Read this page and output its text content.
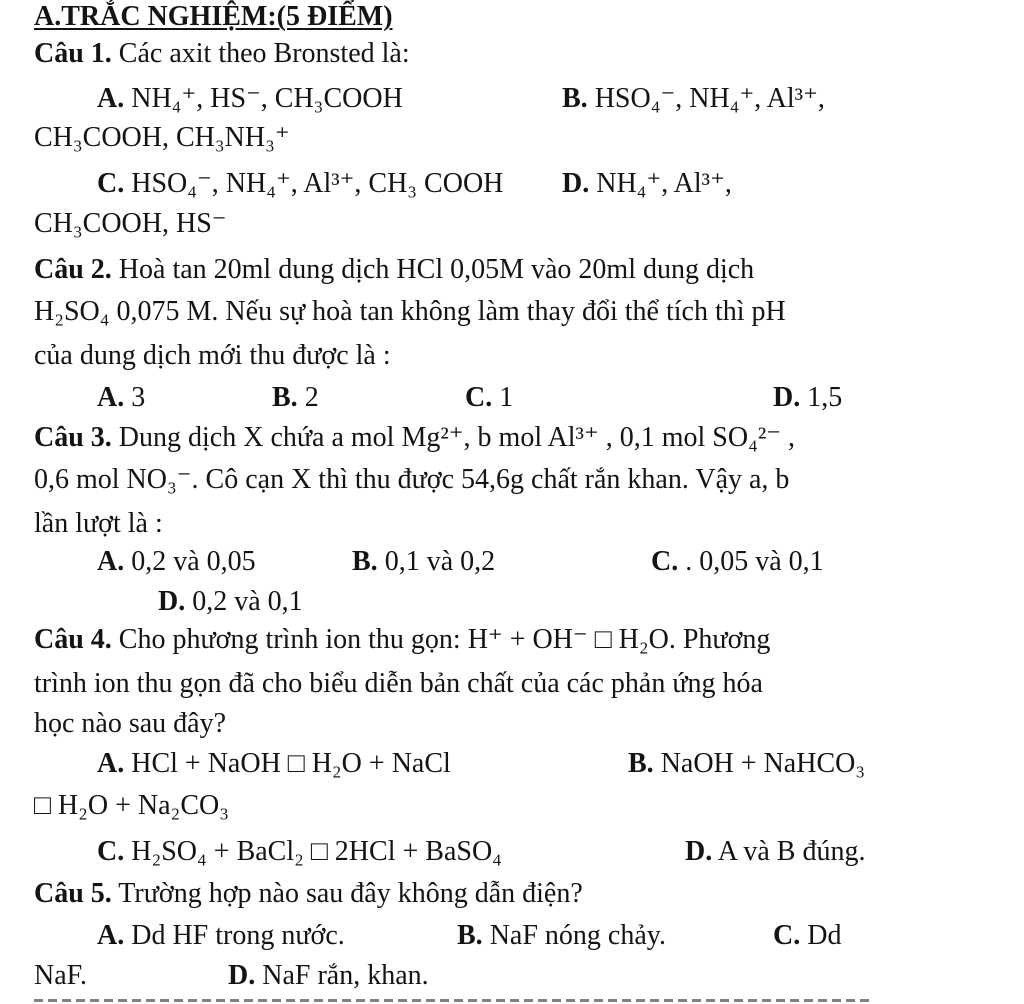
A.TRẮC NGHIỆM:(5 ĐIỂM)
Câu 1. Các axit theo Bronsted là:
A. NH₄⁺, HS⁻, CH₃COOH	B. HSO₄⁻, NH₄⁺, Al³⁺,
CH₃COOH, CH₃NH₃⁺
C. HSO₄⁻, NH₄⁺, Al³⁺, CH₃ COOH D. NH₄⁺, Al³⁺,
CH₃COOH, HS⁻
Câu 2. Hoà tan 20ml dung dịch HCl 0,05M vào 20ml dung dịch
H₂SO₄ 0,075 M. Nếu sự hoà tan không làm thay đổi thể tích thì pH
của dung dịch mới thu được là :
A. 3	B. 2	C. 1	D. 1,5
Câu 3. Dung dịch X chứa a mol Mg²⁺, b mol Al³⁺ , 0,1 mol SO₄²⁻ ,
0,6 mol NO₃⁻. Cô cạn X thì thu được 54,6g chất rắn khan. Vậy a, b
lần lượt là :
A. 0,2 và 0,05	B. 0,1 và 0,2	C. . 0,05 và 0,1
D. 0,2 và 0,1
Câu 4. Cho phương trình ion thu gọn: H⁺ + OH⁻ □ H₂O. Phương
trình ion thu gọn đã cho biểu diễn bản chất của các phản ứng hóa
học nào sau đây?
A. HCl + NaOH □ H₂O + NaCl	B. NaOH + NaHCO₃
□ H₂O + Na₂CO₃
C. H₂SO₄ + BaCl₂ □ 2HCl + BaSO₄	D. A và B đúng.
Câu 5. Trường hợp nào sau đây không dẫn điện?
A. Dd HF trong nước.	B. NaF nóng chảy.	C. Dd
NaF.	D. NaF rắn, khan.
